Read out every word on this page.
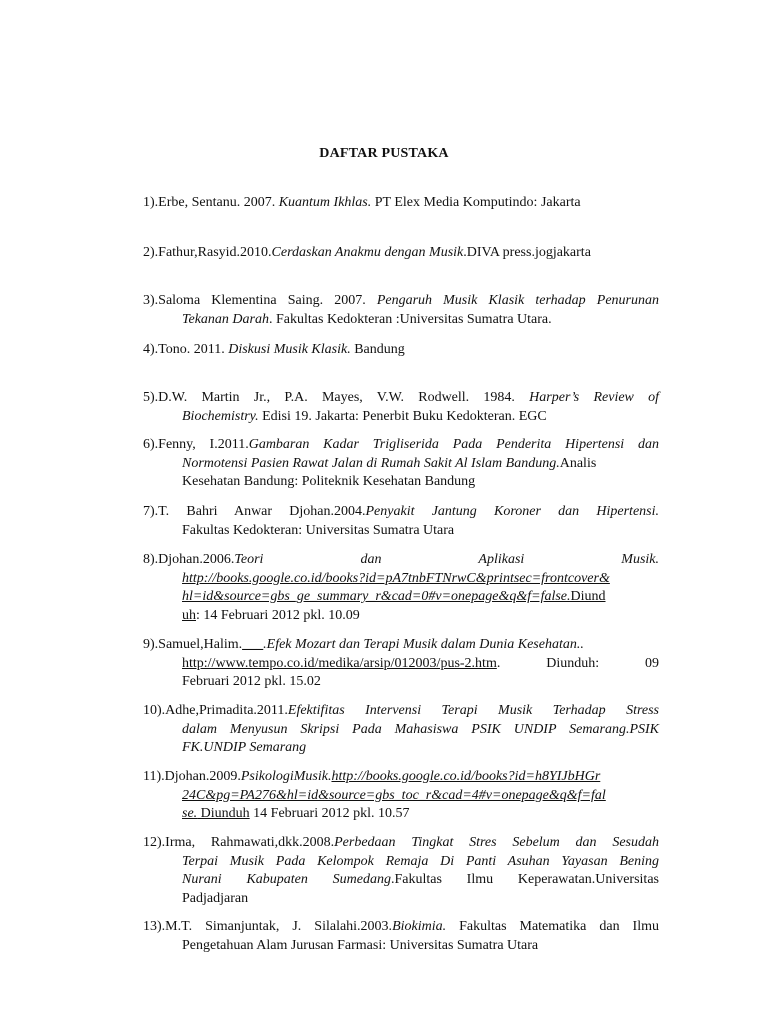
DAFTAR PUSTAKA
1).Erbe, Sentanu. 2007. Kuantum Ikhlas. PT Elex Media Komputindo: Jakarta
2).Fathur,Rasyid.2010.Cerdaskan Anakmu dengan Musik.DIVA press.jogjakarta
3).Saloma Klementina Saing. 2007. Pengaruh Musik Klasik terhadap Penurunan
Tekanan Darah. Fakultas Kedokteran :Universitas Sumatra Utara.
4).Tono. 2011. Diskusi Musik Klasik. Bandung
5).D.W. Martin Jr., P.A. Mayes, V.W. Rodwell. 1984. Harper’s Review of
Biochemistry. Edisi 19. Jakarta: Penerbit Buku Kedokteran. EGC
6).Fenny, I.2011.Gambaran Kadar Trigliserida Pada Penderita Hipertensi dan
Normotensi Pasien Rawat Jalan di Rumah Sakit Al Islam Bandung.Analis
Kesehatan Bandung: Politeknik Kesehatan Bandung
7).T. Bahri Anwar Djohan.2004.Penyakit Jantung Koroner dan Hipertensi.
Fakultas Kedokteran: Universitas Sumatra Utara
8).Djohan.2006.Teori	dan	Aplikasi	Musik.
http://books.google.co.id/books?id=pA7tnbFTNrwC&printsec=frontcover&
hl=id&source=gbs_ge_summary_r&cad=0#v=onepage&q&f=false.Diund
uh: 14 Februari 2012 pkl. 10.09
9).Samuel,Halim.___.Efek Mozart dan Terapi Musik dalam Dunia Kesehatan..
http://www.tempo.co.id/medika/arsip/012003/pus-2.htm. Diunduh: 09
Februari 2012 pkl. 15.02
10).Adhe,Primadita.2011.Efektifitas Intervensi Terapi Musik Terhadap Stress
dalam Menyusun Skripsi Pada Mahasiswa PSIK UNDIP Semarang.PSIK
FK.UNDIP Semarang
11).Djohan.2009.PsikologiMusik.http://books.google.co.id/books?id=h8YIJbHGr
24C&pg=PA276&hl=id&source=gbs_toc_r&cad=4#v=onepage&q&f=fal
se. Diunduh 14 Februari 2012 pkl. 10.57
12).Irma, Rahmawati,dkk.2008.Perbedaan Tingkat Stres Sebelum dan Sesudah
Terpai Musik Pada Kelompok Remaja Di Panti Asuhan Yayasan Bening
Nurani Kabupaten Sumedang.Fakultas Ilmu Keperawatan.Universitas
Padjadjaran
13).M.T. Simanjuntak, J. Silalahi.2003.Biokimia. Fakultas Matematika dan Ilmu
Pengetahuan Alam Jurusan Farmasi: Universitas Sumatra Utara
